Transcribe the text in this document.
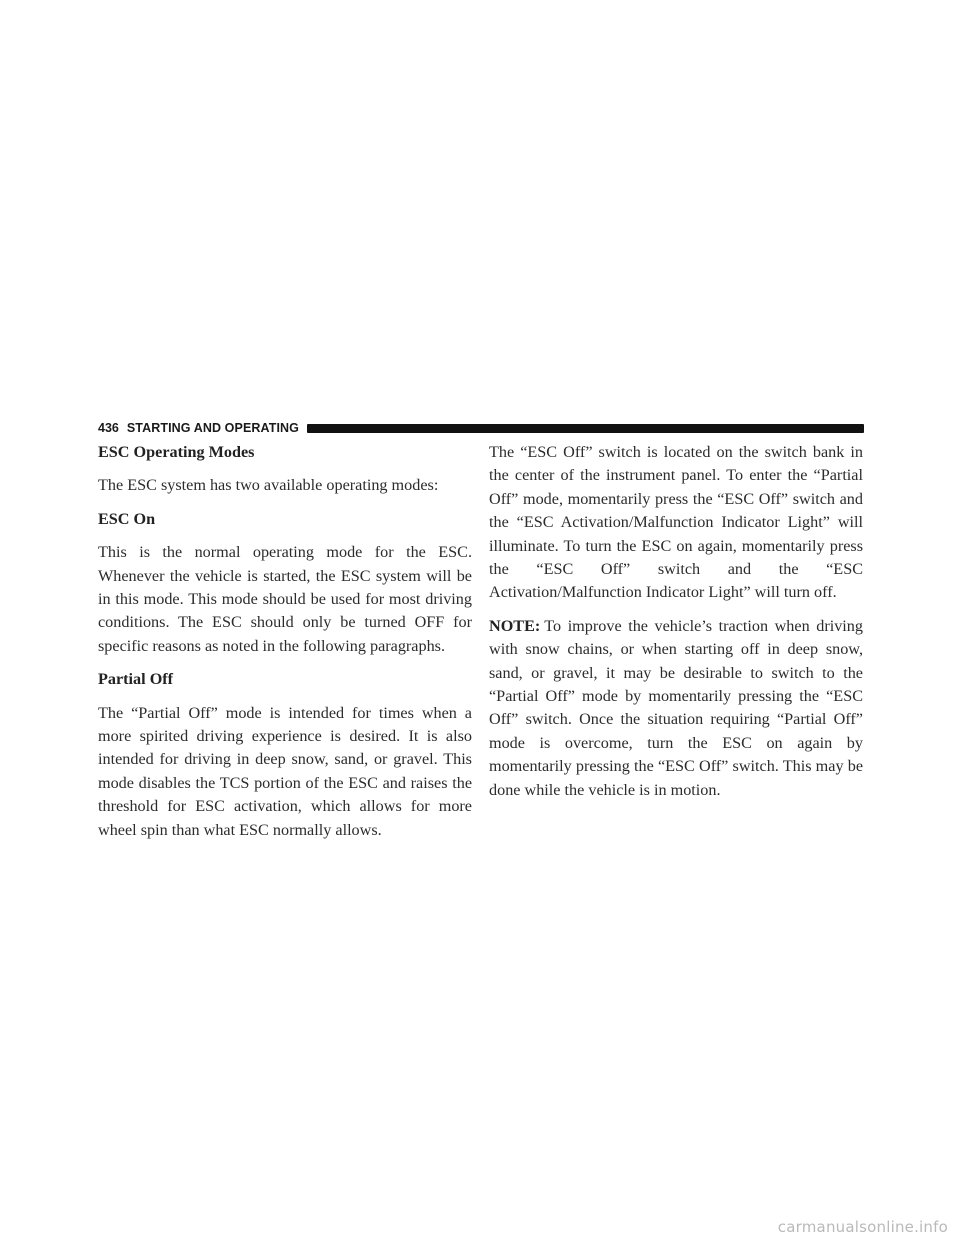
436 STARTING AND OPERATING
ESC Operating Modes

The ESC system has two available operating modes:

ESC On

This is the normal operating mode for the ESC. Whenever the vehicle is started, the ESC system will be in this mode. This mode should be used for most driving conditions. The ESC should only be turned OFF for specific reasons as noted in the following paragraphs.

Partial Off

The “Partial Off” mode is intended for times when a more spirited driving experience is desired. It is also intended for driving in deep snow, sand, or gravel. This mode disables the TCS portion of the ESC and raises the threshold for ESC activation, which allows for more wheel spin than what ESC normally allows.

The “ESC Off” switch is located on the switch bank in the center of the instrument panel. To enter the “Partial Off” mode, momentarily press the “ESC Off” switch and the “ESC Activation/Malfunction Indicator Light” will illuminate. To turn the ESC on again, momentarily press the “ESC Off” switch and the “ESC Activation/Malfunction Indicator Light” will turn off.

NOTE: To improve the vehicle’s traction when driving with snow chains, or when starting off in deep snow, sand, or gravel, it may be desirable to switch to the “Partial Off” mode by momentarily pressing the “ESC Off” switch. Once the situation requiring “Partial Off” mode is overcome, turn the ESC on again by momentarily pressing the “ESC Off” switch. This may be done while the vehicle is in motion.

carmanualsonline.info
